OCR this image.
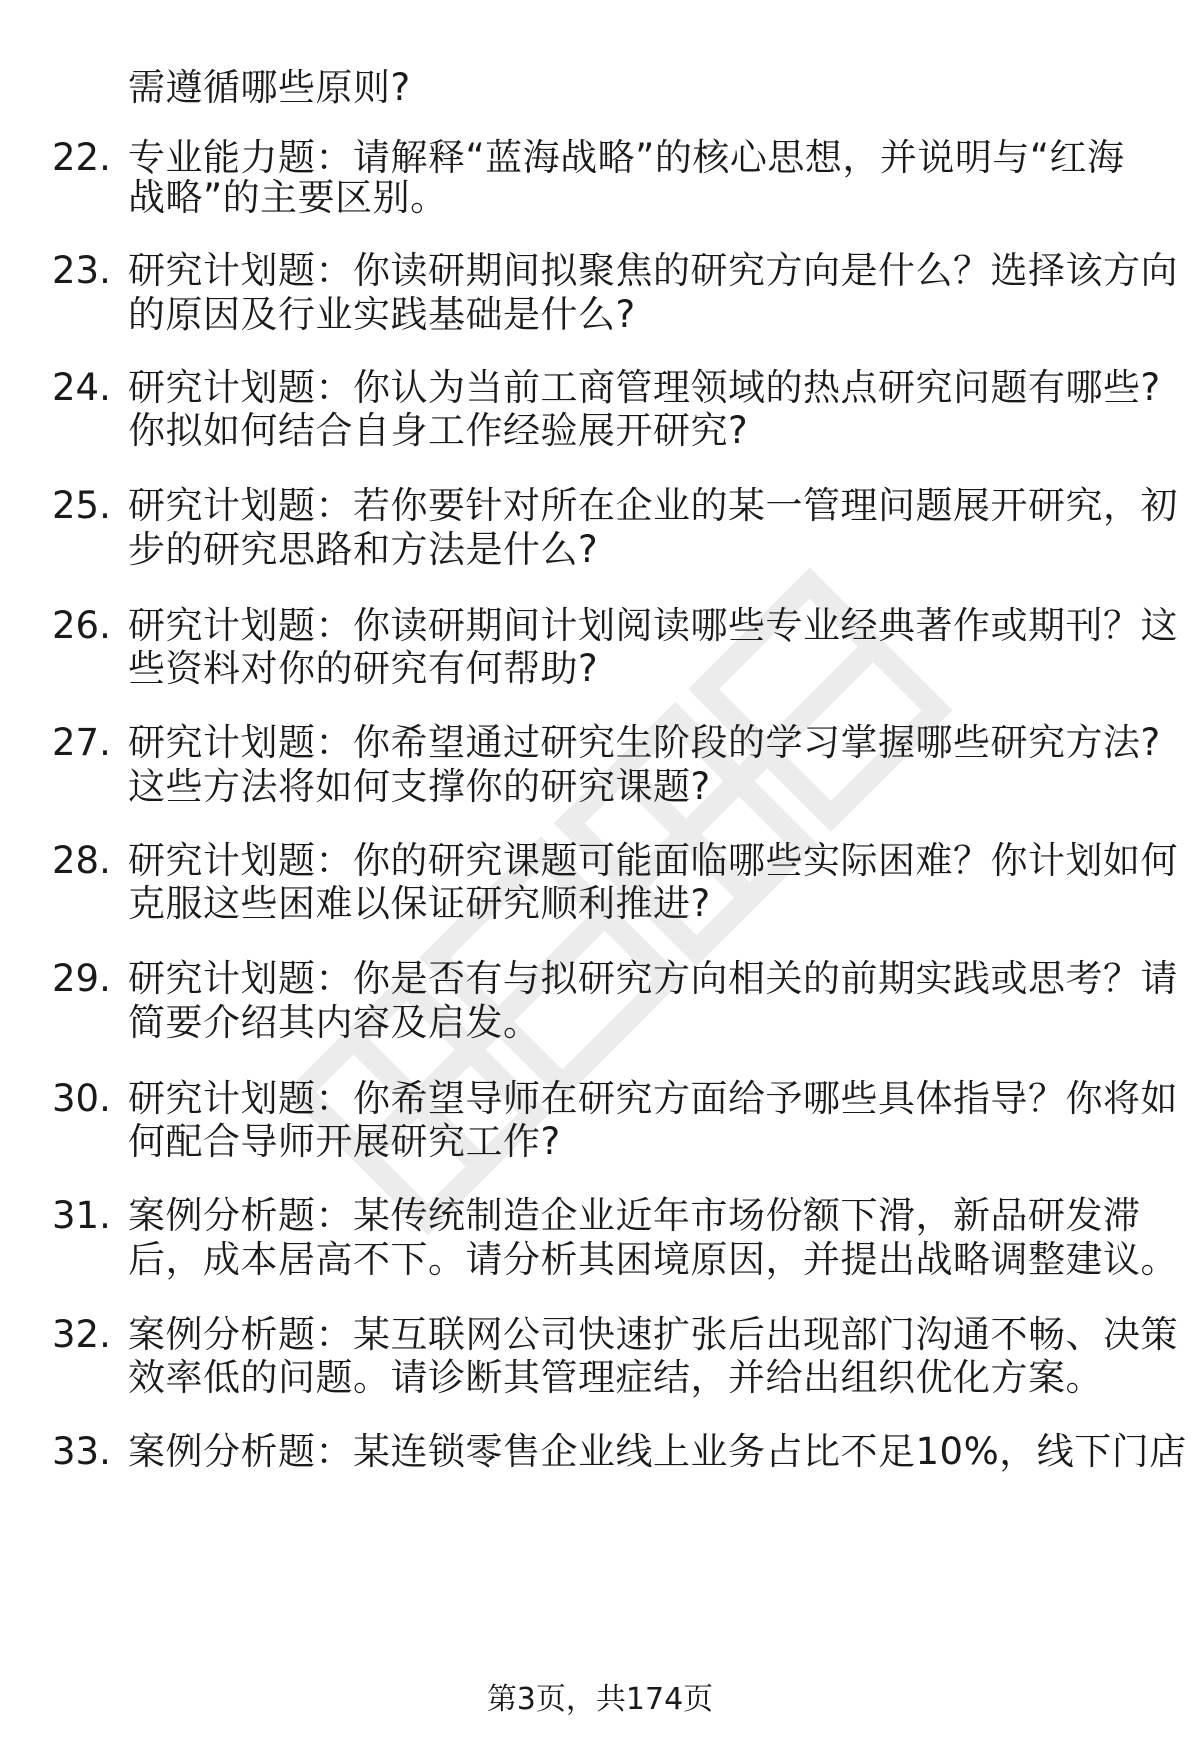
需遵循哪些原则?
22. 专业能力题：请解释“蓝海战略”的核心思想，并说明与“红海
战略”的主要区别。
23. 研究计划题：你读研期间拟聚焦的研究方向是什么？选择该方向
的原因及行业实践基础是什么?
24. 研究计划题：你认为当前工商管理领域的热点研究问题有哪些?
你拟如何结合自身工作经验展开研究?
25. 研究计划题：若你要针对所在企业的某一管理问题展开研究，初
步的研究思路和方法是什么?
26. 研究计划题：你读研期间计划阅读哪些专业经典著作或期刊？这
些资料对你的研究有何帮助?
27. 研究计划题：你希望通过研究生阶段的学习掌握哪些研究方法?
这些方法将如何支撑你的研究课题?
28. 研究计划题：你的研究课题可能面临哪些实际困难？你计划如何
克服这些困难以保证研究顺利推进?
29. 研究计划题：你是否有与拟研究方向相关的前期实践或思考？请
简要介绍其内容及启发。
30. 研究计划题：你希望导师在研究方面给予哪些具体指导？你将如
何配合导师开展研究工作?
31. 案例分析题：某传统制造企业近年市场份额下滑，新品研发滞
后，成本居高不下。请分析其困境原因，并提出战略调整建议。
32. 案例分析题：某互联网公司快速扩张后出现部门沟通不畅、决策
效率低的问题。请诊断其管理症结，并给出组织优化方案。
33. 案例分析题：某连锁零售企业线上业务占比不足10%，线下门店
第3页，共174页
